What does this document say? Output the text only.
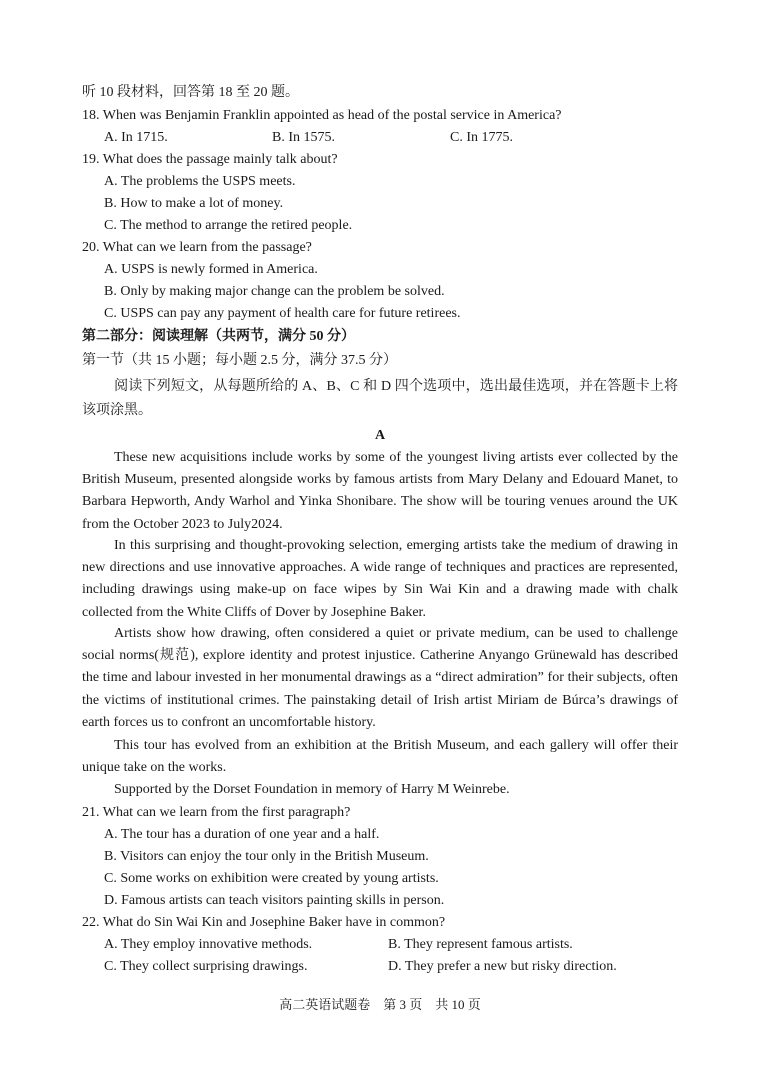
听 10 段材料，回答第 18 至 20 题。
18. When was Benjamin Franklin appointed as head of the postal service in America?
A. In 1715.	B. In 1575.	C. In 1775.
19. What does the passage mainly talk about?
A. The problems the USPS meets.
B. How to make a lot of money.
C. The method to arrange the retired people.
20. What can we learn from the passage?
A. USPS is newly formed in America.
B. Only by making major change can the problem be solved.
C. USPS can pay any payment of health care for future retirees.
第二部分：阅读理解（共两节，满分 50 分）
第一节（共 15 小题；每小题 2.5 分，满分 37.5 分）
阅读下列短文，从每题所给的 A、B、C 和 D 四个选项中，选出最佳选项，并在答题卡上将该项涂黑。
A
These new acquisitions include works by some of the youngest living artists ever collected by the British Museum, presented alongside works by famous artists from Mary Delany and Edouard Manet, to Barbara Hepworth, Andy Warhol and Yinka Shonibare. The show will be touring venues around the UK from the October 2023 to July2024.
In this surprising and thought-provoking selection, emerging artists take the medium of drawing in new directions and use innovative approaches. A wide range of techniques and practices are represented, including drawings using make-up on face wipes by Sin Wai Kin and a drawing made with chalk collected from the White Cliffs of Dover by Josephine Baker.
Artists show how drawing, often considered a quiet or private medium, can be used to challenge social norms(规范), explore identity and protest injustice. Catherine Anyango Grünewald has described the time and labour invested in her monumental drawings as a “direct admiration” for their subjects, often the victims of institutional crimes. The painstaking detail of Irish artist Miriam de Búrca’s drawings of earth forces us to confront an uncomfortable history.
This tour has evolved from an exhibition at the British Museum, and each gallery will offer their unique take on the works.
Supported by the Dorset Foundation in memory of Harry M Weinrebe.
21. What can we learn from the first paragraph?
A. The tour has a duration of one year and a half.
B. Visitors can enjoy the tour only in the British Museum.
C. Some works on exhibition were created by young artists.
D. Famous artists can teach visitors painting skills in person.
22. What do Sin Wai Kin and Josephine Baker have in common?
A. They employ innovative methods.	B. They represent famous artists.
C. They collect surprising drawings.	D. They prefer a new but risky direction.
高二英语试题卷　第 3 页　共 10 页
